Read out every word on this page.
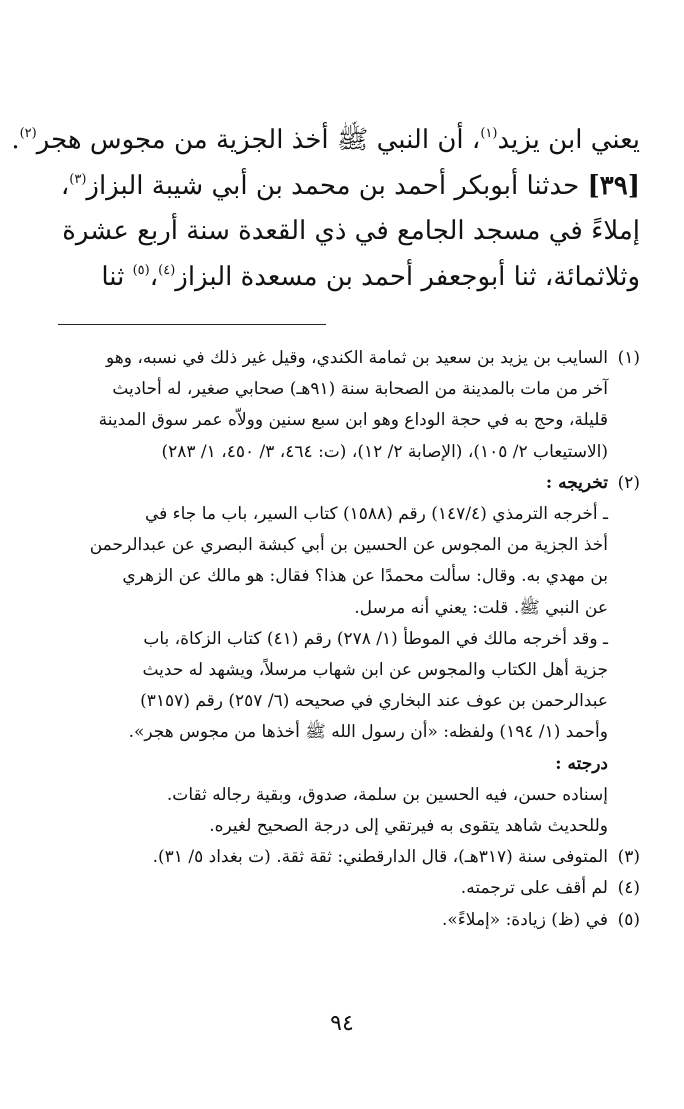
يعني ابن يزيد$^{(١)}$، أن النبي ﷺ أخذ الجزية من مجوس هجر$^{(٢)}$.
[٣٩] حدثنا أبوبكر أحمد بن محمد بن أبي شيبة البزاز$^{(٣)}$،
إملاءً في مسجد الجامع في ذي القعدة سنة أربع عشرة
وثلاثمائة، ثنا أبوجعفر أحمد بن مسعدة البزاز$^{(٤)}$،$^{(٥)}$ ثنا
(١)
السايب بن يزيد بن سعيد بن ثمامة الكندي، وقيل غير ذلك في نسبه، وهو
آخر من مات بالمدينة من الصحابة سنة (٩١هـ) صحابي صغير، له أحاديث
قليلة، وحج به في حجة الوداع وهو ابن سبع سنين وولاّه عمر سوق المدينة
(الاستيعاب ٢/ ١٠٥)، (الإصابة ٢/ ١٢)، (ت: ٤٦٤، ٣/ ٤٥٠، ١/ ٢٨٣)
(٢)
تخريجه :
ـ أخرجه الترمذي (١٤٧/٤) رقم (١٥٨٨) كتاب السير، باب ما جاء في
أخذ الجزية من المجوس عن الحسين بن أبي كبشة البصري عن عبدالرحمن
بن مهدي به. وقال: سألت محمدًا عن هذا؟ فقال: هو مالك عن الزهري
عن النبي ﷺ. قلت: يعني أنه مرسل.
ـ وقد أخرجه مالك في الموطأ (١/ ٢٧٨) رقم (٤١) كتاب الزكاة، باب
جزية أهل الكتاب والمجوس عن ابن شهاب مرسلاً، ويشهد له حديث
عبدالرحمن بن عوف عند البخاري في صحيحه (٦/ ٢٥٧) رقم (٣١٥٧)
وأحمد (١/ ١٩٤) ولفظه: «أن رسول الله ﷺ أخذها من مجوس هجر».
درجته :
إسناده حسن، فيه الحسين بن سلمة، صدوق، وبقية رجاله ثقات.
وللحديث شاهد يتقوى به فيرتقي إلى درجة الصحيح لغيره.
(٣)
المتوفى سنة (٣١٧هـ)، قال الدارقطني: ثقة ثقة. (ت بغداد ٥/ ٣١).
(٤)
لم أقف على ترجمته.
(٥)
في (ظ) زيادة: «إملاءً».
٩٤
